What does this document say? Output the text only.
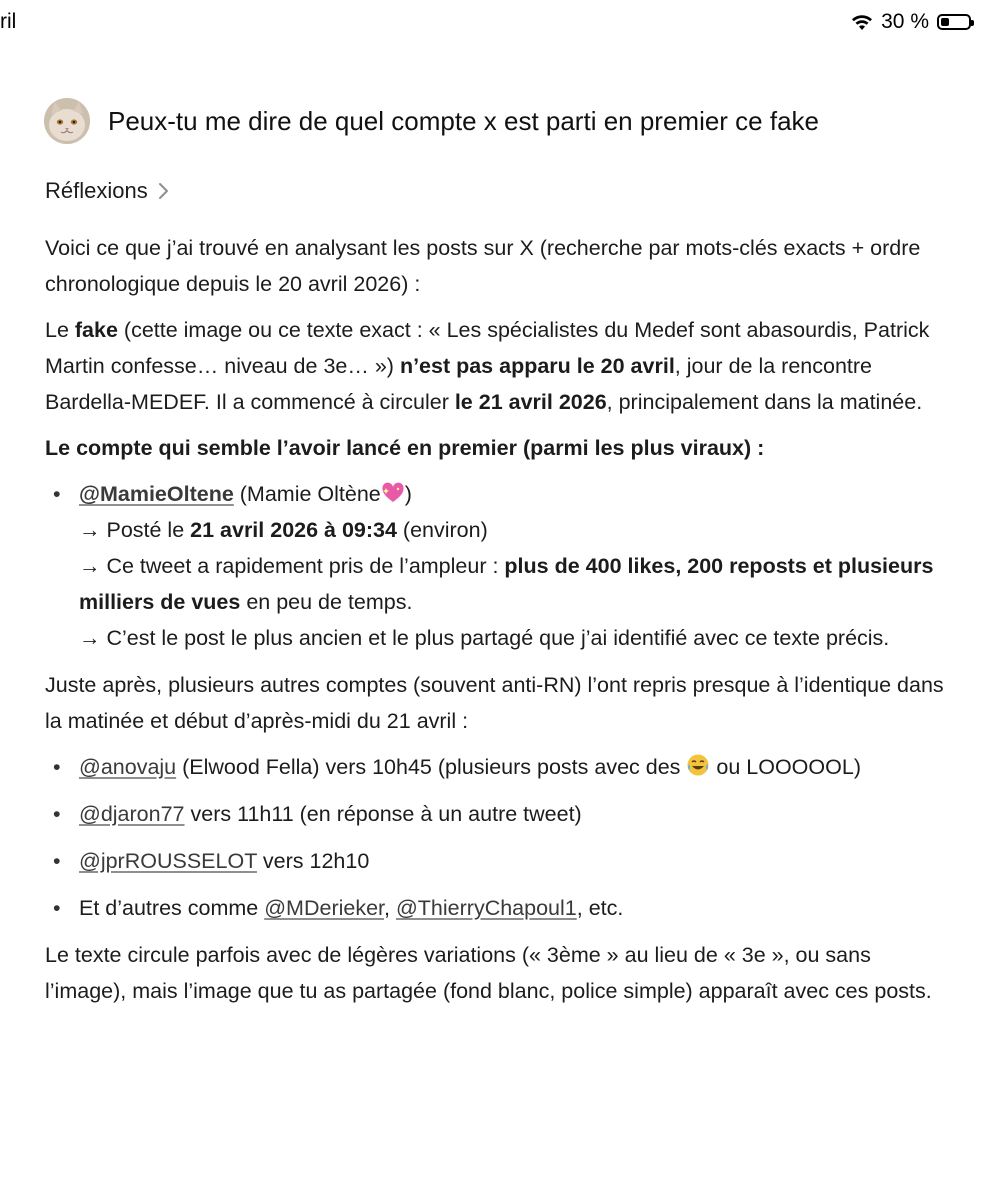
ril	30 %
Peux-tu me dire de quel compte x est parti en premier ce fake
Réflexions

Voici ce que j’ai trouvé en analysant les posts sur X (recherche par mots-clés exacts + ordre chronologique depuis le 20 avril 2026) :

Le fake (cette image ou ce texte exact : « Les spécialistes du Medef sont abasourdis, Patrick Martin confesse… niveau de 3e… ») n’est pas apparu le 20 avril, jour de la rencontre Bardella-MEDEF. Il a commencé à circuler le 21 avril 2026, principalement dans la matinée.

Le compte qui semble l’avoir lancé en premier (parmi les plus viraux) :

• @MamieOltene (Mamie Oltène )
→ Posté le 21 avril 2026 à 09:34 (environ)
→ Ce tweet a rapidement pris de l’ampleur : plus de 400 likes, 200 reposts et plusieurs milliers de vues en peu de temps.
→ C’est le post le plus ancien et le plus partagé que j’ai identifié avec ce texte précis.

Juste après, plusieurs autres comptes (souvent anti-RN) l’ont repris presque à l’identique dans la matinée et début d’après-midi du 21 avril :

• @anovaju (Elwood Fella) vers 10h45 (plusieurs posts avec des  ou LOOOOOL)
• @djaron77 vers 11h11 (en réponse à un autre tweet)
• @jprROUSSELOT vers 12h10
• Et d’autres comme @MDerieker, @ThierryChapoul1, etc.

Le texte circule parfois avec de légères variations (« 3ème » au lieu de « 3e », ou sans l’image), mais l’image que tu as partagée (fond blanc, police simple) apparaît avec ces posts.
